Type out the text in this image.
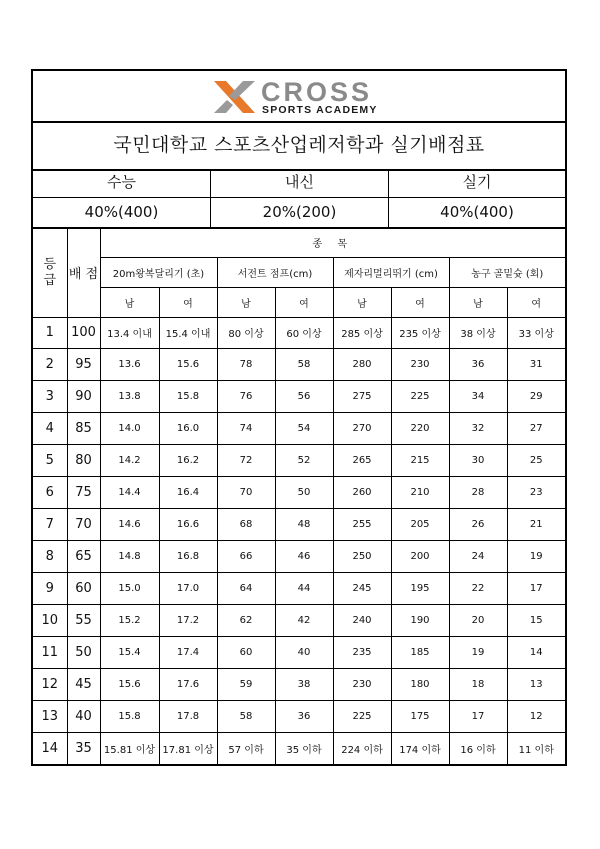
CROSS
SPORTS ACADEMY
국민대학교 스포츠산업레저학과 실기배점표
수능	내신	실기
40%(400)	20%(200)	40%(400)
등
급	배 점	종 목							
		20m왕복달리기 (초)		서전트 점프(cm)		제자리멀리뛰기 (cm)		농구 골밑슛 (회)	
		남	여	남	여	남	여	남	여
1	100	13.4 이내	15.4 이내	80 이상	60 이상	285 이상	235 이상	38 이상	33 이상
2	95	13.6	15.6	78	58	280	230	36	31
3	90	13.8	15.8	76	56	275	225	34	29
4	85	14.0	16.0	74	54	270	220	32	27
5	80	14.2	16.2	72	52	265	215	30	25
6	75	14.4	16.4	70	50	260	210	28	23
7	70	14.6	16.6	68	48	255	205	26	21
8	65	14.8	16.8	66	46	250	200	24	19
9	60	15.0	17.0	64	44	245	195	22	17
10	55	15.2	17.2	62	42	240	190	20	15
11	50	15.4	17.4	60	40	235	185	19	14
12	45	15.6	17.6	59	38	230	180	18	13
13	40	15.8	17.8	58	36	225	175	17	12
14	35	15.81 이상	17.81 이상	57 이하	35 이하	224 이하	174 이하	16 이하	11 이하
